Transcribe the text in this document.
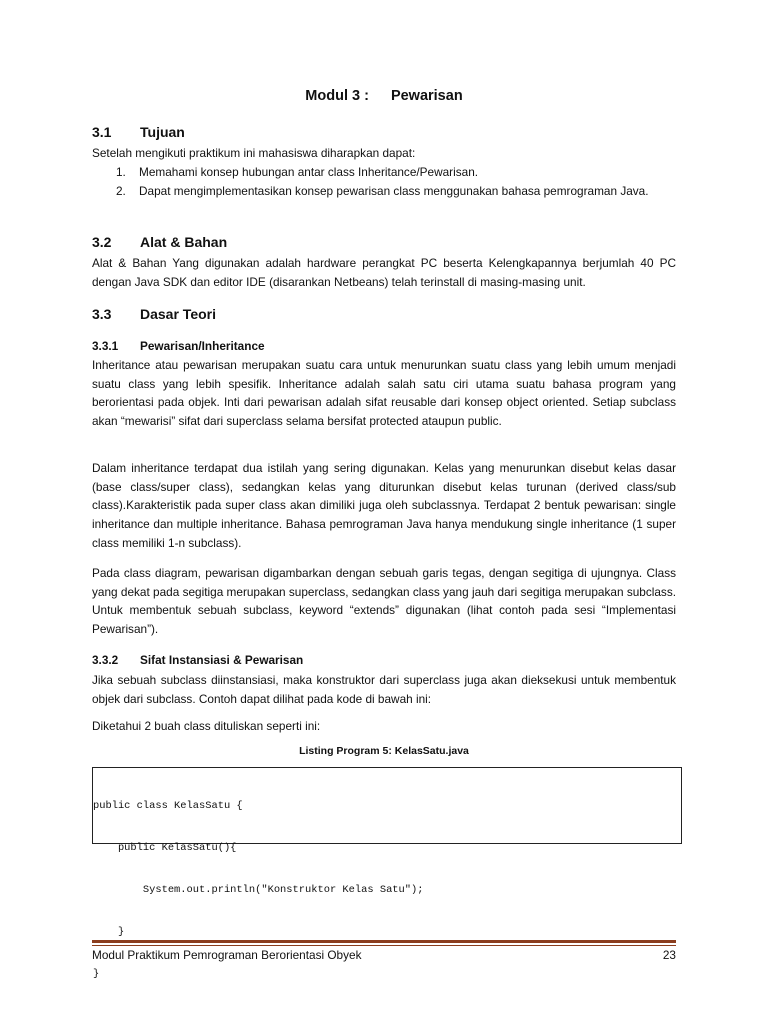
Modul 3 : Pewarisan
3.1 Tujuan
Setelah mengikuti praktikum ini mahasiswa diharapkan dapat:
1. Memahami konsep hubungan antar class Inheritance/Pewarisan.
2. Dapat mengimplementasikan konsep pewarisan class menggunakan bahasa pemrograman Java.
3.2 Alat & Bahan
Alat & Bahan Yang digunakan adalah hardware perangkat PC beserta Kelengkapannya berjumlah 40 PC dengan Java SDK dan editor IDE (disarankan Netbeans) telah terinstall di masing-masing unit.
3.3 Dasar Teori
3.3.1 Pewarisan/Inheritance
Inheritance atau pewarisan merupakan suatu cara untuk menurunkan suatu class yang lebih umum menjadi suatu class yang lebih spesifik. Inheritance adalah salah satu ciri utama suatu bahasa program yang berorientasi pada objek. Inti dari pewarisan adalah sifat reusable dari konsep object oriented. Setiap subclass akan “mewarisi” sifat dari superclass selama bersifat protected ataupun public.
Dalam inheritance terdapat dua istilah yang sering digunakan. Kelas yang menurunkan disebut kelas dasar (base class/super class), sedangkan kelas yang diturunkan disebut kelas turunan (derived class/sub class).Karakteristik pada super class akan dimiliki juga oleh subclassnya. Terdapat 2 bentuk pewarisan: single inheritance dan multiple inheritance. Bahasa pemrograman Java hanya mendukung single inheritance (1 super class memiliki 1-n subclass).
Pada class diagram, pewarisan digambarkan dengan sebuah garis tegas, dengan segitiga di ujungnya. Class yang dekat pada segitiga merupakan superclass, sedangkan class yang jauh dari segitiga merupakan subclass. Untuk membentuk sebuah subclass, keyword “extends” digunakan (lihat contoh pada sesi “Implementasi Pewarisan”).
3.3.2 Sifat Instansiasi & Pewarisan
Jika sebuah subclass diinstansiasi, maka konstruktor dari superclass juga akan dieksekusi untuk membentuk objek dari subclass. Contoh dapat dilihat pada kode di bawah ini:
Diketahui 2 buah class dituliskan seperti ini:
Listing Program 5: KelasSatu.java

public class KelasSatu {

public KelasSatu(){

System.out.println("Konstruktor Kelas Satu");

}

}

Modul Praktikum Pemrograman Berorientasi Obyek	23
